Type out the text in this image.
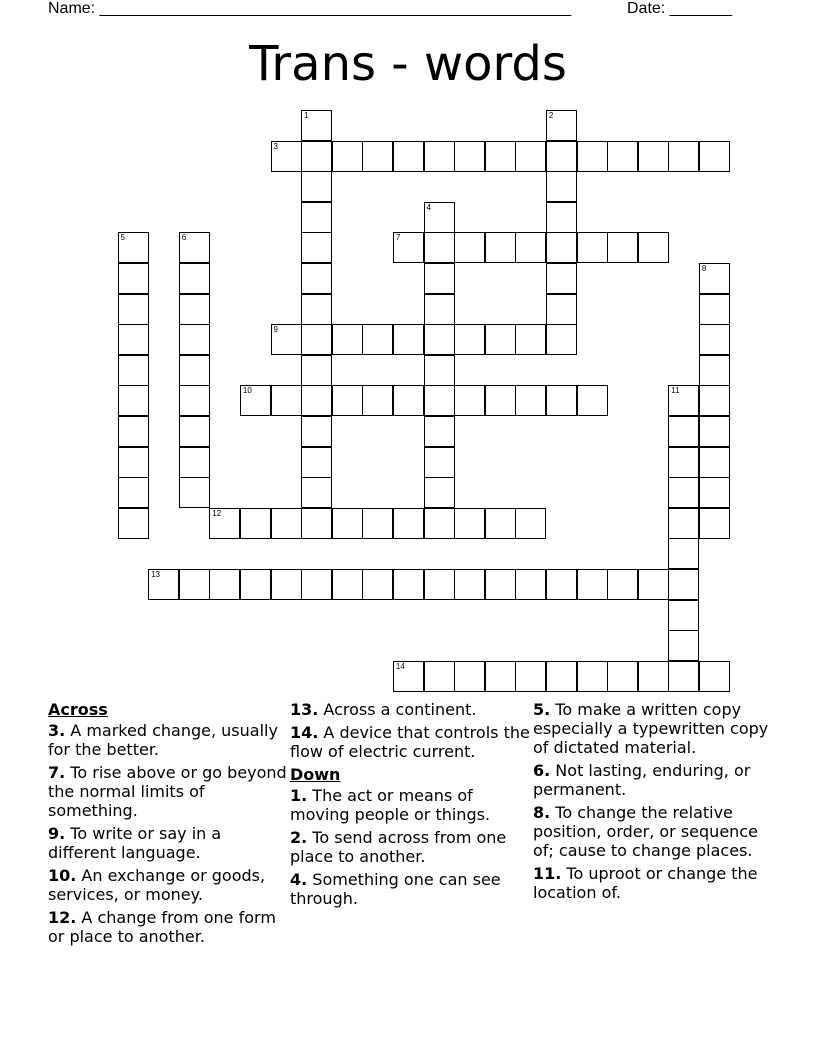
Name: _____________________________________________________	Date: _______
Trans - words
1	2
3
4
5	6	7
8
9
10	11
12
13
14
Across
3. A marked change, usually for the better.
7. To rise above or go beyond the normal limits of something.
9. To write or say in a different language.
10. An exchange or goods, services, or money.
12. A change from one form or place to another.
13. Across a continent.
14. A device that controls the flow of electric current.
Down
1. The act or means of moving people or things.
2. To send across from one place to another.
4. Something one can see through.
5. To make a written copy especially a typewritten copy of dictated material.
6. Not lasting, enduring, or permanent.
8. To change the relative position, order, or sequence of; cause to change places.
11. To uproot or change the location of.
